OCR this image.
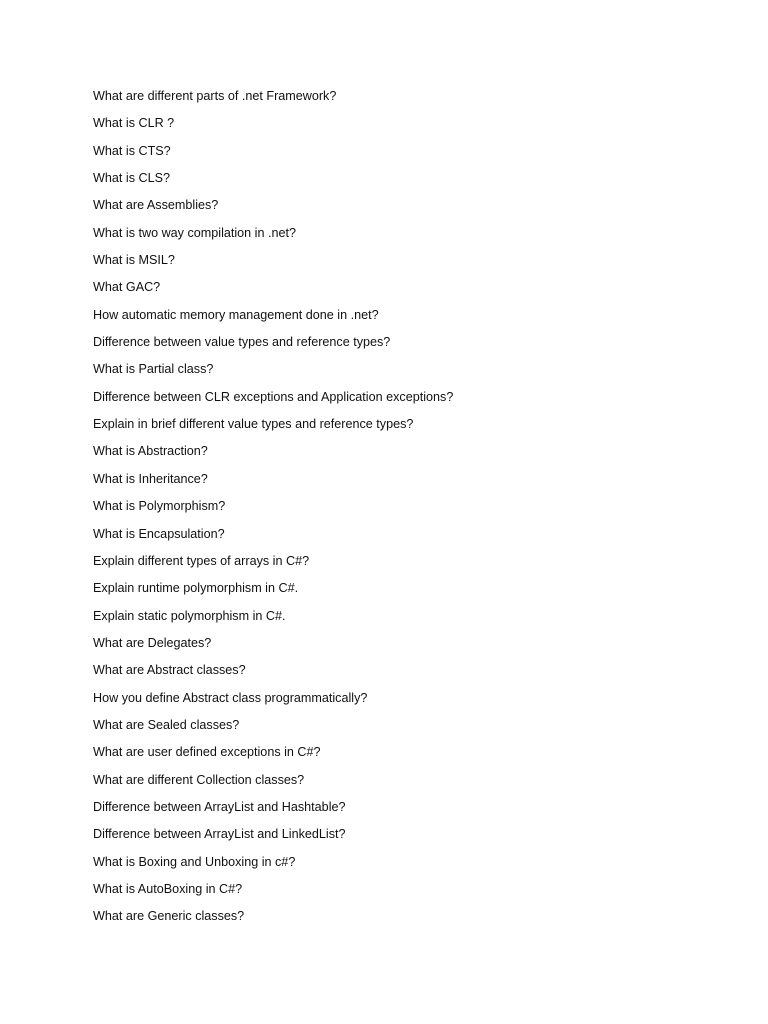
What are different parts of .net Framework?
What is CLR ?
What is CTS?
What is CLS?
What are Assemblies?
What is two way compilation in .net?
What is MSIL?
What GAC?
How automatic memory management done in .net?
Difference between value types and reference types?
What is Partial class?
Difference between CLR exceptions and Application exceptions?
Explain in brief different value types and reference types?
What is Abstraction?
What is Inheritance?
What is Polymorphism?
What is Encapsulation?
Explain different types of arrays in C#?
Explain runtime polymorphism in C#.
Explain static polymorphism in C#.
What are Delegates?
What are Abstract classes?
How you define Abstract class programmatically?
What are Sealed classes?
What are user defined exceptions in C#?
What are different Collection classes?
Difference between ArrayList and Hashtable?
Difference between ArrayList and LinkedList?
What is Boxing and Unboxing in c#?
What is AutoBoxing in C#?
What are Generic classes?
